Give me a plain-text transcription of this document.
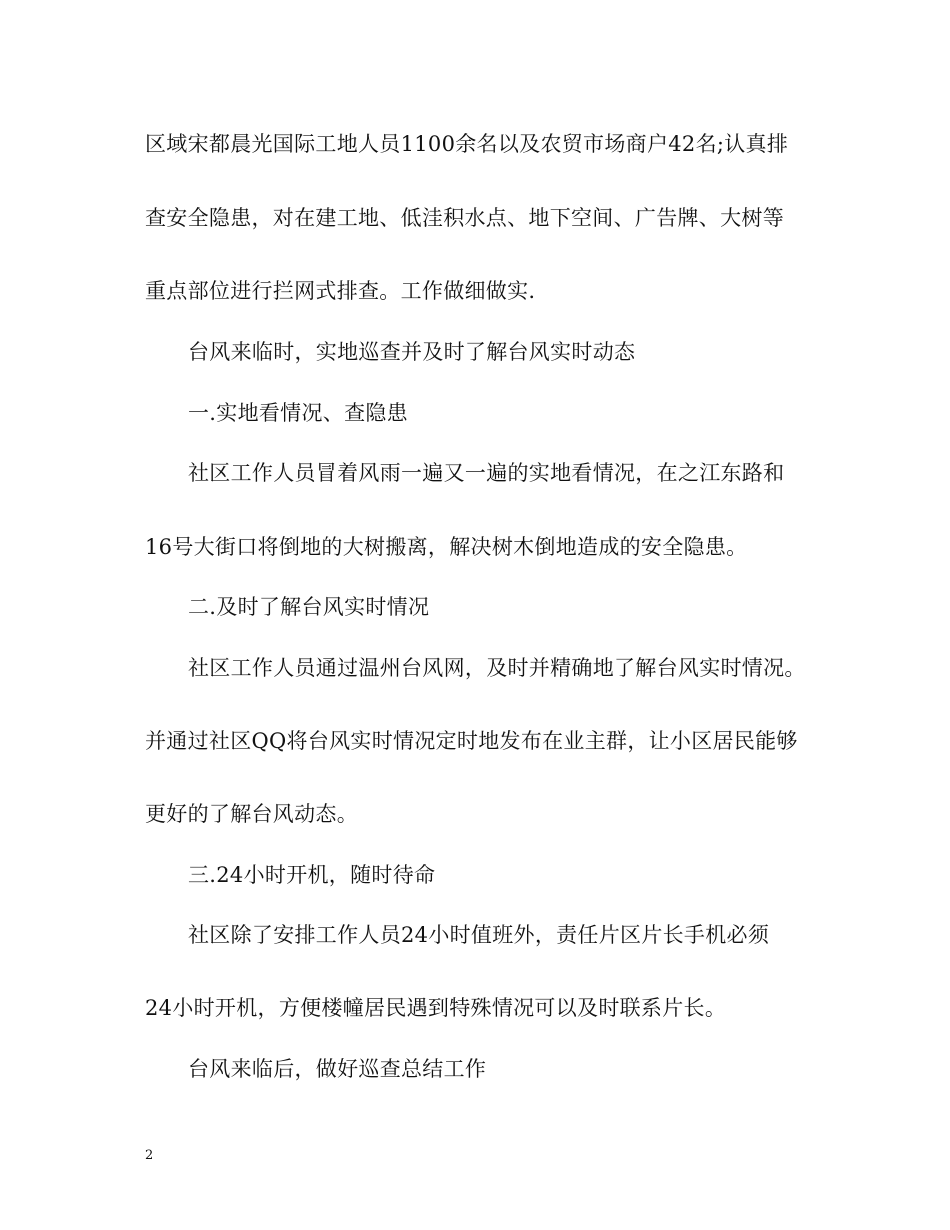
区域宋都晨光国际工地人员1100余名以及农贸市场商户42名;认真排
查安全隐患，对在建工地、低洼积水点、地下空间、广告牌、大树等
重点部位进行拦网式排查。工作做细做实.
台风来临时，实地巡查并及时了解台风实时动态
一.实地看情况、查隐患
社区工作人员冒着风雨一遍又一遍的实地看情况，在之江东路和
16号大街口将倒地的大树搬离，解决树木倒地造成的安全隐患。
二.及时了解台风实时情况
社区工作人员通过温州台风网，及时并精确地了解台风实时情况。
并通过社区QQ将台风实时情况定时地发布在业主群，让小区居民能够
更好的了解台风动态。
三.24小时开机，随时待命
社区除了安排工作人员24小时值班外，责任片区片长手机必须
24小时开机，方便楼幢居民遇到特殊情况可以及时联系片长。
台风来临后，做好巡查总结工作
2
